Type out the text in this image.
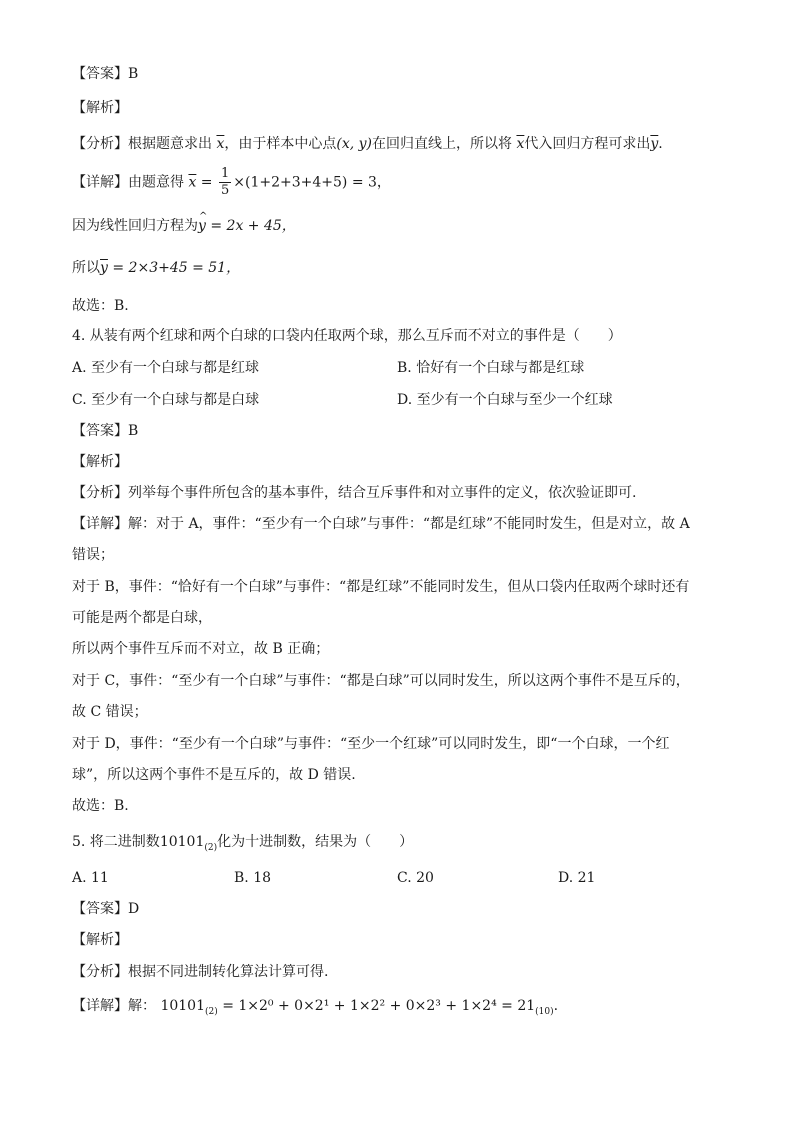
【答案】B
【解析】
【分析】根据题意求出 $\overline{x}$，由于样本中心点(x, y)在回归直线上，所以将 $\overline{x}$代入回归方程可求出$\overline{y}$.
【详解】由题意得 $\overline{x} = \frac{1}{5} \times(1+2+3+4+5) = 3$，
因为线性回归方程为^ y = 2x + 45，
所以$\overline{y} = 2\times 3+45 = 51$，
故选：B.
4. 从装有两个红球和两个白球的口袋内任取两个球，那么互斥而不对立的事件是（　　）
A. 至少有一个白球与都是红球	B. 恰好有一个白球与都是红球
C. 至少有一个白球与都是白球	D. 至少有一个白球与至少一个红球
【答案】B
【解析】
【分析】列举每个事件所包含的基本事件，结合互斥事件和对立事件的定义，依次验证即可.
【详解】解：对于 A，事件：“至少有一个白球”与事件：“都是红球”不能同时发生，但是对立，故 A
错误；
对于 B，事件：“恰好有一个白球”与事件：“都是红球”不能同时发生，但从口袋内任取两个球时还有
可能是两个都是白球，
所以两个事件互斥而不对立，故 B 正确；
对于 C，事件：“至少有一个白球”与事件：“都是白球”可以同时发生，所以这两个事件不是互斥的，
故 C 错误；
对于 D，事件：“至少有一个白球”与事件：“至少一个红球”可以同时发生，即“一个白球，一个红
球”，所以这两个事件不是互斥的，故 D 错误.
故选：B.
5. 将二进制数$10101_{(2)}$化为十进制数，结果为（　　）
A. 11	B. 18	C. 20	D. 21
【答案】D
【解析】
【分析】根据不同进制转化算法计算可得.
【详解】解： $10101_{(2)} = 1\times 2^0 + 0\times 2^1 + 1\times 2^2 + 0\times 2^3 + 1\times 2^4 = 21_{(10)}$.
